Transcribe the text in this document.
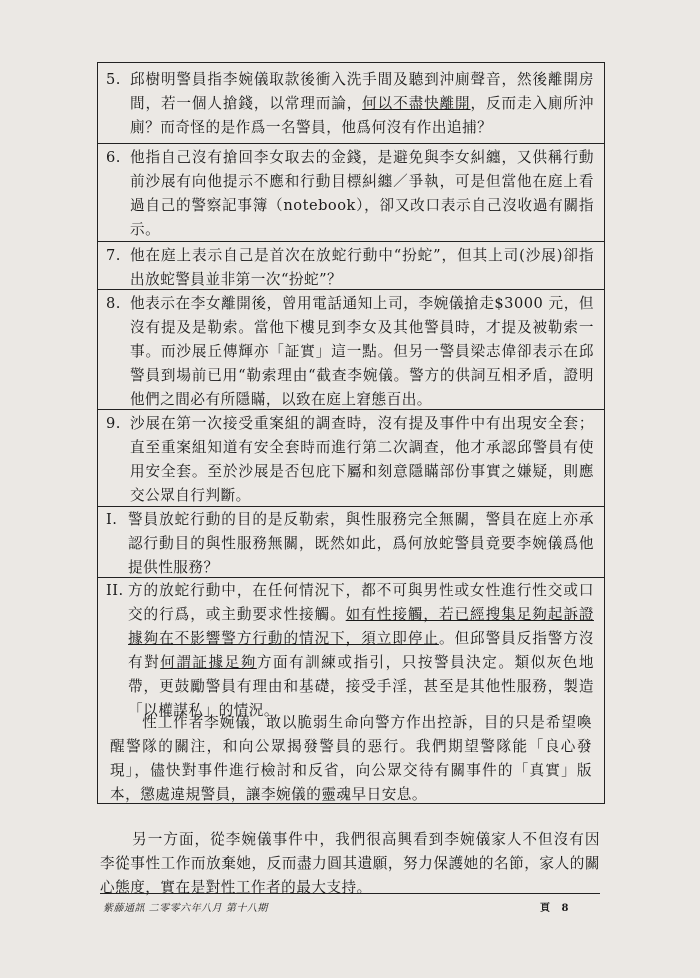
5. 邱樹明警員指李婉儀取款後衝入洗手間及聽到沖廁聲音，然後離開房間，若一個人搶錢，以常理而論，何以不盡快離開，反而走入廁所沖廁？而奇怪的是作爲一名警員，他爲何沒有作出追捕？
6. 他指自己沒有搶回李女取去的金錢，是避免與李女糾纏，又供稱行動前沙展有向他提示不應和行動目標糾纏／爭執，可是但當他在庭上看過自己的警察記事簿（notebook），卻又改口表示自己沒收過有關指示。
7. 他在庭上表示自己是首次在放蛇行動中“扮蛇”，但其上司(沙展)卻指出放蛇警員並非第一次“扮蛇”？
8. 他表示在李女離開後，曾用電話通知上司，李婉儀搶走$3000 元，但沒有提及是勒索。當他下樓見到李女及其他警員時，才提及被勒索一事。而沙展丘傳輝亦「証實」這一點。但另一警員梁志偉卻表示在邱警員到場前已用“勒索理由“截查李婉儀。警方的供詞互相矛盾，證明他們之間必有所隱瞞，以致在庭上窘態百出。
9. 沙展在第一次接受重案組的調查時，沒有提及事件中有出現安全套；直至重案組知道有安全套時而進行第二次調查，他才承認邱警員有使用安全套。至於沙展是否包庇下屬和刻意隱瞞部份事實之嫌疑，則應交公眾自行判斷。
I. 警員放蛇行動的目的是反勒索，與性服務完全無關，警員在庭上亦承認行動目的與性服務無關，既然如此，爲何放蛇警員竟要李婉儀爲他提供性服務？
II. 方的放蛇行動中，在任何情況下，都不可與男性或女性進行性交或口交的行爲，或主動要求性接觸。如有性接觸，若已經搜集足夠起訴證據夠在不影響警方行動的情況下，須立即停止。但邱警員反指警方沒有對何謂証據足夠方面有訓練或指引，只按警員決定。類似灰色地帶，更鼓勵警員有理由和基礎，接受手淫，甚至是其他性服務，製造「以權謀私」的情況。
性工作者李婉儀，敢以脆弱生命向警方作出控訴，目的只是希望喚醒警隊的關注，和向公眾揭發警員的惡行。我們期望警隊能「良心發現」，儘快對事件進行檢討和反省，向公眾交待有關事件的「真實」版本，懲處違規警員，讓李婉儀的靈魂早日安息。
另一方面，從李婉儀事件中，我們很高興看到李婉儀家人不但沒有因李從事性工作而放棄她，反而盡力圓其遺願，努力保護她的名節，家人的關心態度，實在是對性工作者的最大支持。
紫藤通訊 二零零六年八月 第十八期	頁 8
